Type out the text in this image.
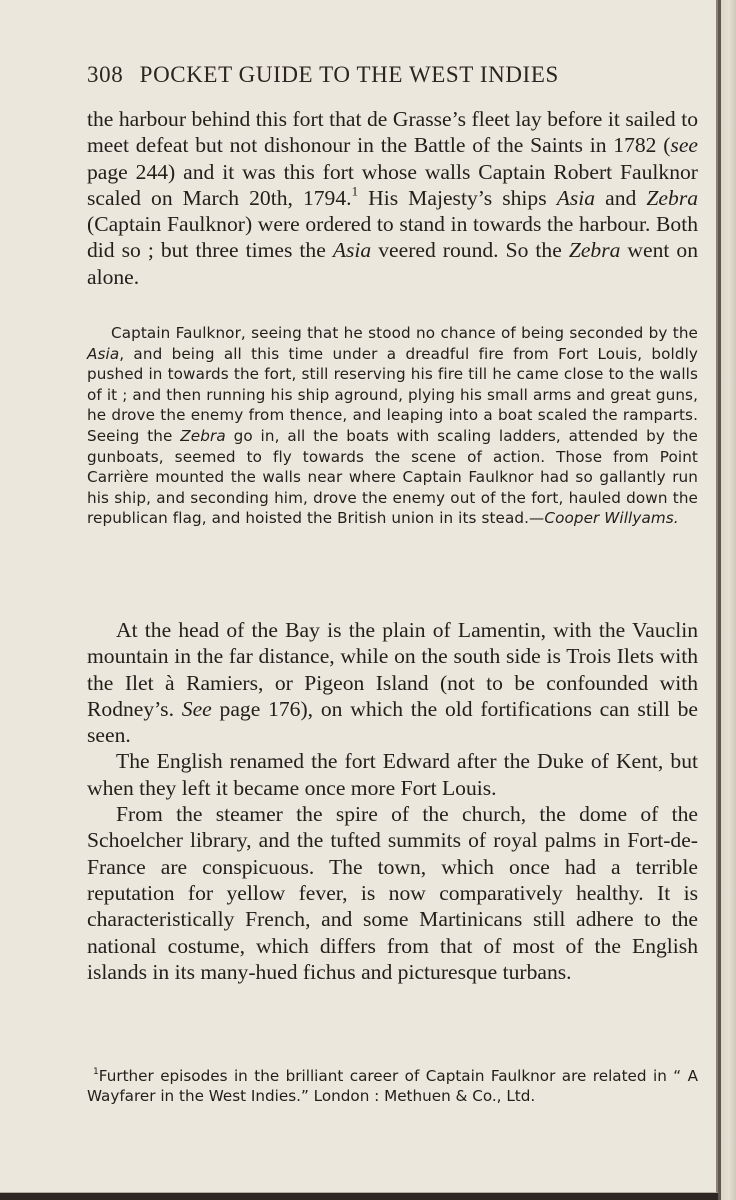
308 POCKET GUIDE TO THE WEST INDIES

the harbour behind this fort that de Grasse’s fleet lay before it sailed to meet defeat but not dishonour in the Battle of the Saints in 1782 (see page 244) and it was this fort whose walls Captain Robert Faulknor scaled on March 20th, 1794.$^1$ His Majesty’s ships Asia and Zebra (Captain Faulknor) were ordered to stand in towards the harbour. Both did so ; but three times the Asia veered round. So the Zebra went on alone.

Captain Faulknor, seeing that he stood no chance of being seconded by the Asia, and being all this time under a dreadful fire from Fort Louis, boldly pushed in towards the fort, still reserving his fire till he came close to the walls of it ; and then running his ship aground, plying his small arms and great guns, he drove the enemy from thence, and leaping into a boat scaled the ramparts. Seeing the Zebra go in, all the boats with scaling ladders, attended by the gunboats, seemed to fly towards the scene of action. Those from Point Carrière mounted the walls near where Captain Faulknor had so gallantly run his ship, and seconding him, drove the enemy out of the fort, hauled down the republican flag, and hoisted the British union in its stead.—Cooper Willyams.

At the head of the Bay is the plain of Lamentin, with the Vauclin mountain in the far distance, while on the south side is Trois Ilets with the Ilet à Ramiers, or Pigeon Island (not to be confounded with Rodney’s. See page 176), on which the old fortifications can still be seen.

The English renamed the fort Edward after the Duke of Kent, but when they left it became once more Fort Louis.

From the steamer the spire of the church, the dome of the Schoelcher library, and the tufted summits of royal palms in Fort-de-France are conspicuous. The town, which once had a terrible reputation for yellow fever, is now comparatively healthy. It is characteristically French, and some Martinicans still adhere to the national costume, which differs from that of most of the English islands in its many-hued fichus and picturesque turbans.

$^1$Further episodes in the brilliant career of Captain Faulknor are related in “ A Wayfarer in the West Indies.” London : Methuen & Co., Ltd.
